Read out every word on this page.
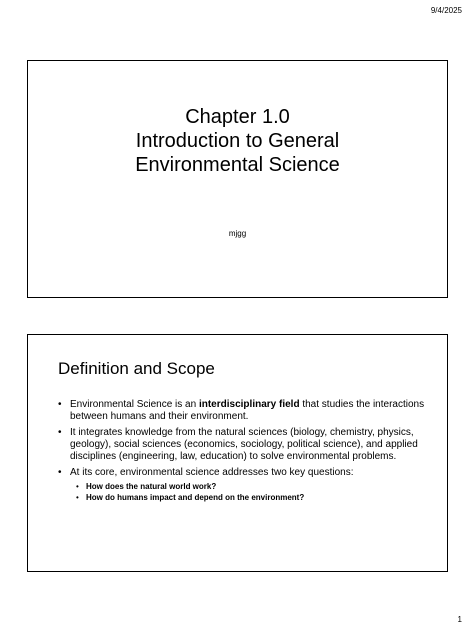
9/4/2025
Chapter 1.0
Introduction to General
Environmental Science
mjgg
Definition and Scope
• Environmental Science is an interdisciplinary field that studies the interactions between humans and their environment.
• It integrates knowledge from the natural sciences (biology, chemistry, physics, geology), social sciences (economics, sociology, political science), and applied disciplines (engineering, law, education) to solve environmental problems.
• At its core, environmental science addresses two key questions:
• How does the natural world work?
• How do humans impact and depend on the environment?
1
